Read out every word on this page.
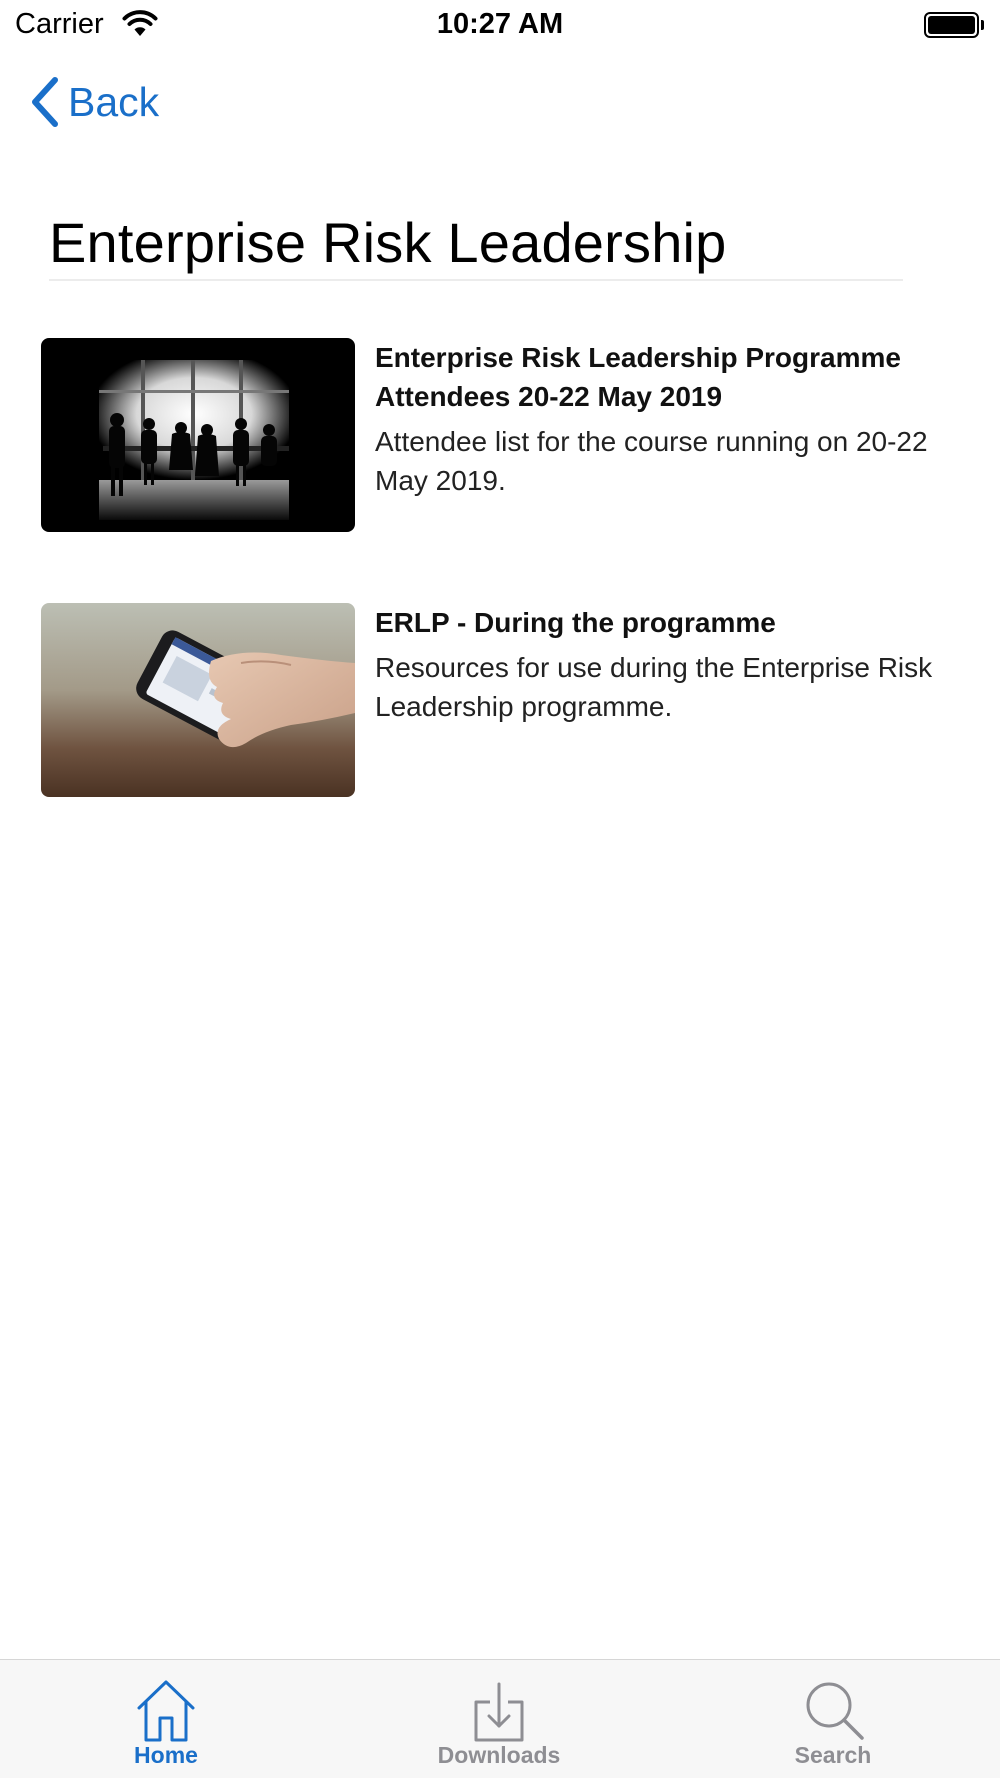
Carrier	10:27 AM
Back
Enterprise Risk Leadership
Enterprise Risk Leadership Programme Attendees 20-22 May 2019
Attendee list for the course running on 20-22 May 2019.
ERLP - During the programme
Resources for use during the Enterprise Risk Leadership programme.
Home	Downloads	Search
